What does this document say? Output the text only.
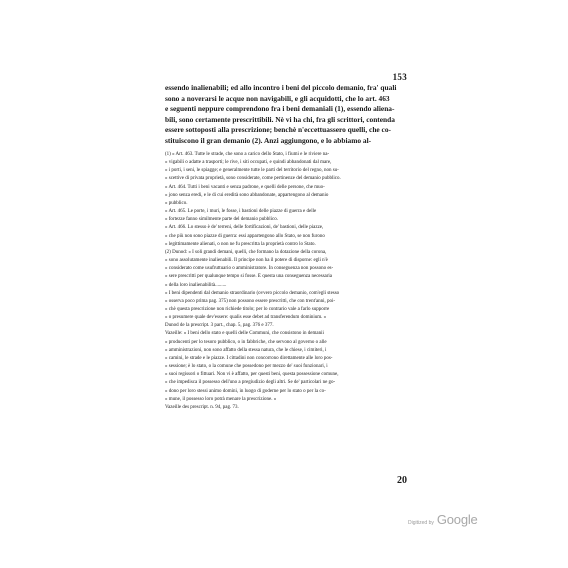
153
essendo inalienabili; ed allo incontro i beni del piccolo demanio, fra' quali
sono a noverarsi le acque non navigabili, e gli acquidotti, che lo art. 463
e seguenti neppure comprendono fra i beni demaniali (1), essendo aliena-
bili, sono certamente prescrittibili. Nè vi ha chi, fra gli scrittori, contenda
essere sottoposti alla prescrizione; benchè n'eccettuassero quelli, che co-
stituiscono il gran demanio (2). Anzi aggiungono, e lo abbiamo al-
(1) » Art. 463. Tutte le strade, che sono a carico dello Stato, i fiumi e le riviere na-
» vigabili o adatte a trasporti; le rive, i siti occupati, e quindi abbandonati dal mare,
» i porti, i seni, le spiagge; e generalmente tutte le parti del territorio del regno, non su-
» scettive di privata proprietà, sono considerate, come pertinenze del demanio pubblico.
» Art. 464. Tutti i beni vacanti e senza padrone, e quelli delle persone, che muo-
» jono senza eredi, e le di cui eredità sono abbandonate, appartengono al demanio
» pubblico.
» Art. 465. Le porte, i muri, le fosse, i bastioni delle piazze di guerra e delle
» fortezze fanno similmente parte del demanio pubblico.
» Art. 466. Lo stesso è de' terreni, delle fortificazioni, de' bastioni, delle piazze,
» che più non sono piazze di guerra: essi appartengono allo Stato, se non furono
» legittimamente alienati, o non ne fu prescritta la proprietà contro lo Stato.
(2) Dunod: « I soli grandi demani, quelli, che formano la dotazione della corona,
» sono assolutamente inalienabili. Il principe non ha il potere di disporne: egli n'è
» considerato come usufruttuario o amministratore. In conseguenza non possono es-
» sere prescritti per qualunque tempo si fosse. È questa una conseguenza necessaria
» della loro inalienabilità.........
» I beni dipendenti dal demanio straordinario (ovvero piccolo demanio, com'egli stesso
» osserva poco prima pag. 375) non possono essere prescritti, che con trent'anni, poi-
» chè questa prescrizione non richiede titolo; per lo contrario vale a farlo supporre
» o presumere quale dev'essere: qualis esse debet ad transferendum dominium. »
Dunod de la prescript. 3 part., chap. 5, pag. 376 e 377.
Vazeille: « I beni dello stato e quelli delle Communi, che consistono in demanii
» producenti per lo tesoro pubblico, o in fabbriche, che servono al governo o alle
» amministrazioni, non sono affatto della stessa natura, che le chiese, i cimiteri, i
» camini, le strade e le piazze. I cittadini non concorrono direttamente alle loro pos-
» sessione; è lo stato, o la comune che possedono per mezzo de' suoi funzionari, i
» suoi regissori o fittuari. Non vi è affatto, per questi beni, questa possessione comune,
» che impedisca il possesso dell'uno a pregiudizio degli altri. Se de' particolari ne go-
» dono per loro stessi animo domini, in luogo di goderne per lo stato o per la co-
» mune, il possesso loro potrà menare la prescrizione. »
Vazeille des prescript. n. 94, pag. 73.
20
Digitized by Google
